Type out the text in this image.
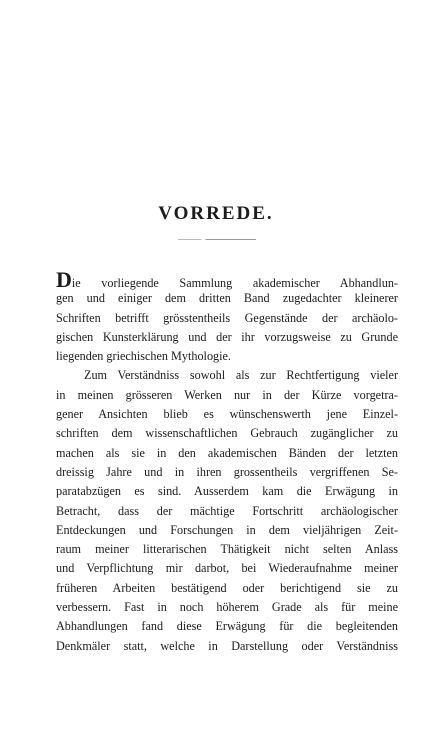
VORREDE.
Die vorliegende Sammlung akademischer Abhandlun-
gen und einiger dem dritten Band zugedachter kleinerer
Schriften betrifft grösstentheils Gegenstände der archäolo-
gischen Kunsterklärung und der ihr vorzugsweise zu Grunde
liegenden griechischen Mythologie.
Zum Verständniss sowohl als zur Rechtfertigung vieler
in meinen grösseren Werken nur in der Kürze vorgetra-
gener Ansichten blieb es wünschenswerth jene Einzel-
schriften dem wissenschaftlichen Gebrauch zugänglicher zu
machen als sie in den akademischen Bänden der letzten
dreissig Jahre und in ihren grossentheils vergriffenen Se-
paratabzügen es sind. Ausserdem kam die Erwägung in
Betracht, dass der mächtige Fortschritt archäologischer
Entdeckungen und Forschungen in dem vieljährigen Zeit-
raum meiner litterarischen Thätigkeit nicht selten Anlass
und Verpflichtung mir darbot, bei Wiederaufnahme meiner
früheren Arbeiten bestätigend oder berichtigend sie zu
verbessern. Fast in noch höherem Grade als für meine
Abhandlungen fand diese Erwägung für die begleitenden
Denkmäler statt, welche in Darstellung oder Verständniss
